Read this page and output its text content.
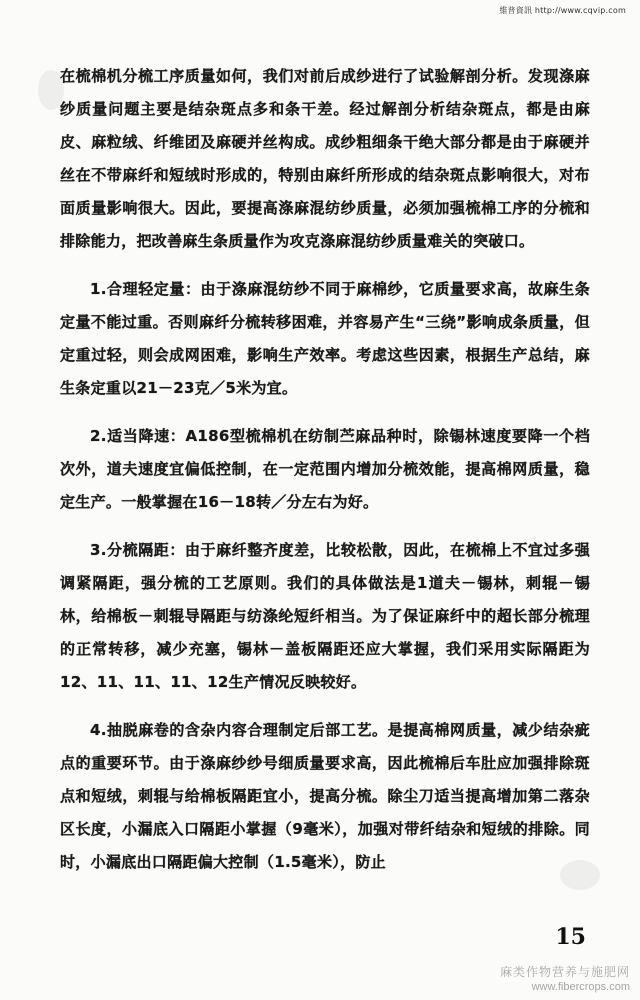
維普資訊 http://www.cqvip.com

在梳棉机分梳工序质量如何，我们对前后成纱进行了试验解剖分析。发现涤麻纱质量问题主要是结杂斑点多和条干差。经过解剖分析结杂斑点，都是由麻皮、麻粒绒、纤维团及麻硬并丝构成。成纱粗细条干绝大部分都是由于麻硬并丝在不带麻纤和短绒时形成的，特别由麻纤所形成的结杂斑点影响很大，对布面质量影响很大。因此，要提高涤麻混纺纱质量，必须加强梳棉工序的分梳和排除能力，把改善麻生条质量作为攻克涤麻混纺纱质量难关的突破口。

1.合理轻定量：由于涤麻混纺纱不同于麻棉纱，它质量要求高，故麻生条定量不能过重。否则麻纤分梳转移困难，并容易产生“三绕”影响成条质量，但定重过轻，则会成网困难，影响生产效率。考虑这些因素，根据生产总结，麻生条定重以21－23克／5米为宜。

2.适当降速：A186型梳棉机在纺制苎麻品种时，除锡林速度要降一个档次外，道夫速度宜偏低控制，在一定范围内增加分梳效能，提高棉网质量，稳定生产。一般掌握在16－18转／分左右为好。

3.分梳隔距：由于麻纤整齐度差，比较松散，因此，在梳棉上不宜过多强调紧隔距，强分梳的工艺原则。我们的具体做法是1道夫－锡林，刺辊－锡林，给棉板－刺辊导隔距与纺涤纶短纤相当。为了保证麻纤中的超长部分梳理的正常转移，减少充塞，锡林－盖板隔距还应大掌握，我们采用实际隔距为12、11、11、11、12生产情况反映较好。

4.抽脱麻卷的含杂内容合理制定后部工艺。是提高棉网质量，减少结杂疵点的重要环节。由于涤麻纱纱号细质量要求高，因此梳棉后车肚应加强排除斑点和短绒，刺辊与给棉板隔距宜小，提高分梳。除尘刀适当提高增加第二落杂区长度，小漏底入口隔距小掌握（9毫米），加强对带纤结杂和短绒的排除。同时，小漏底出口隔距偏大控制（1.5毫米），防止

15
麻类作物营养与施肥网
www.fibercrops.com
